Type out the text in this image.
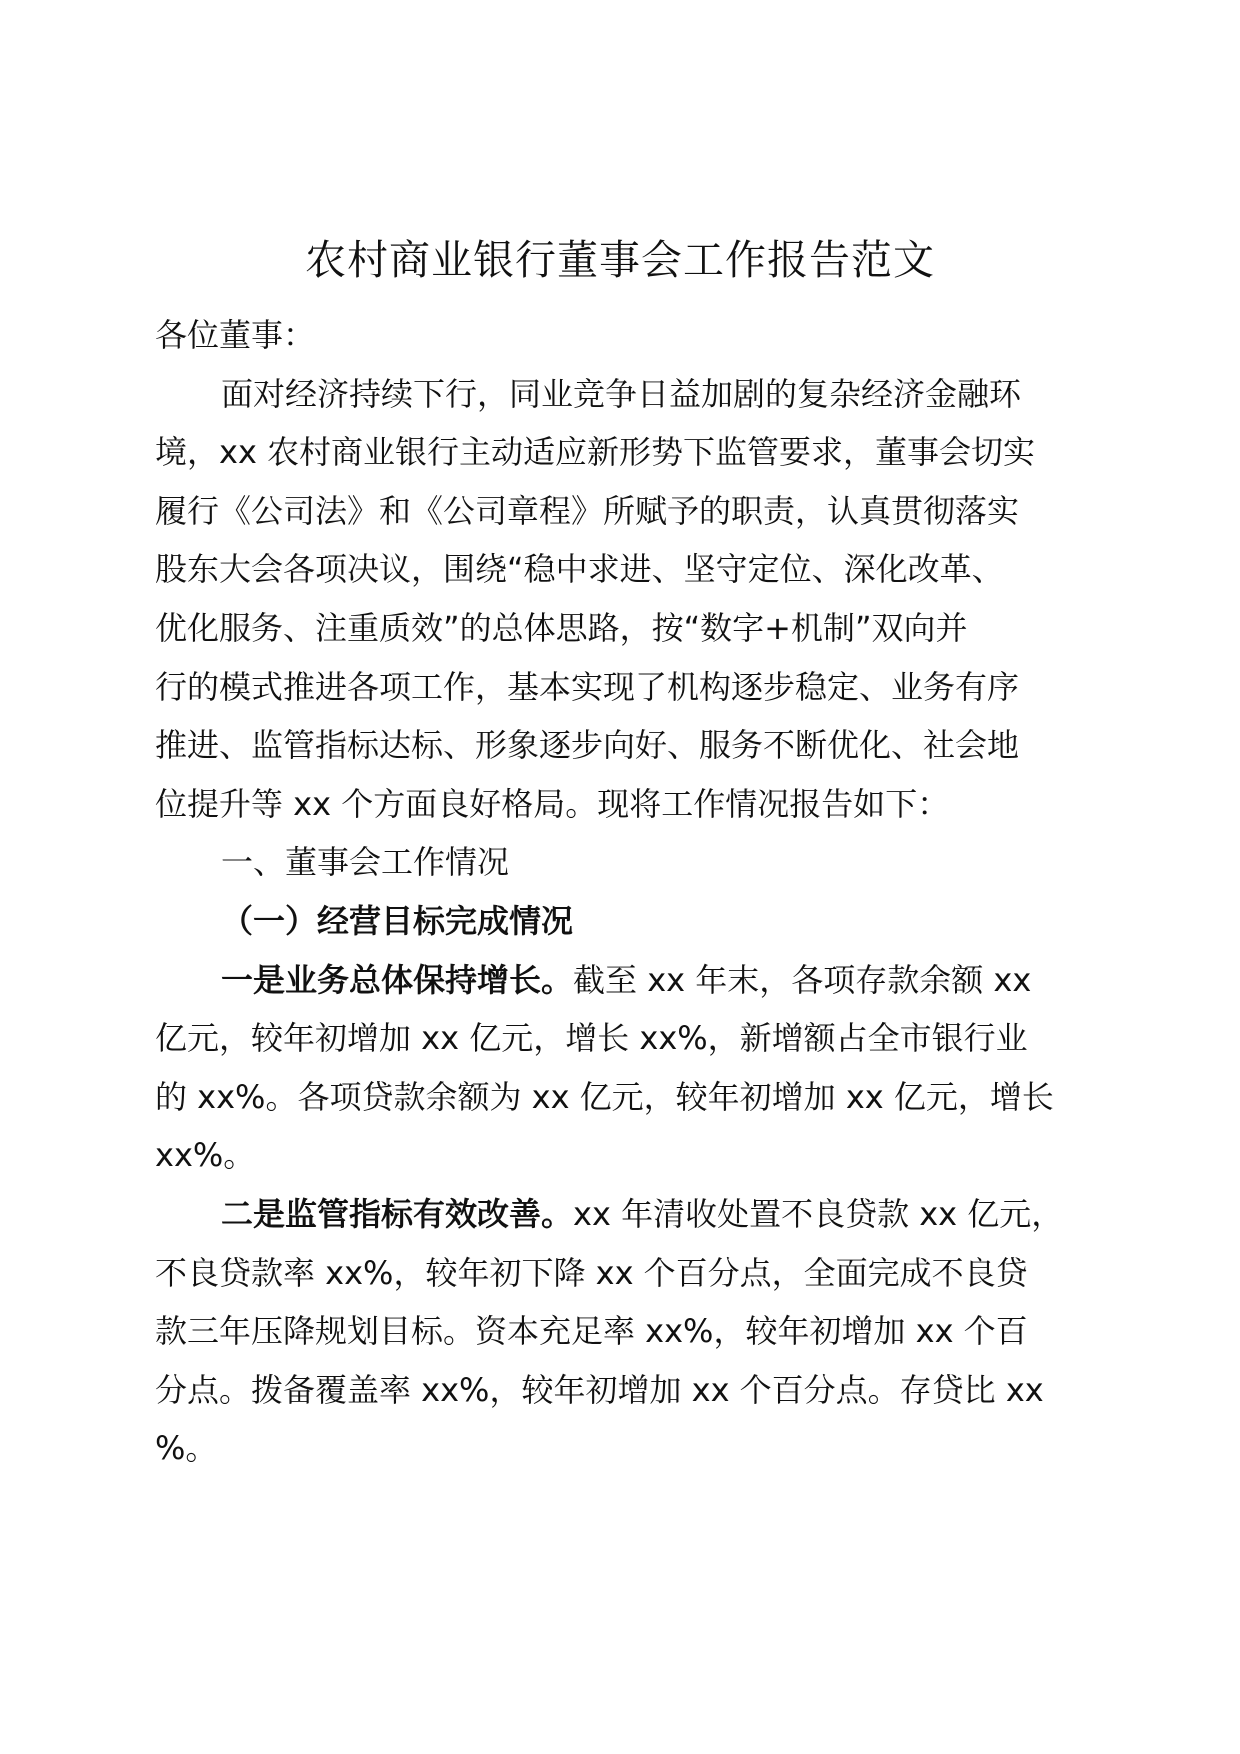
农村商业银行董事会工作报告范文

各位董事：

面对经济持续下行，同业竞争日益加剧的复杂经济金融环

境，xx 农村商业银行主动适应新形势下监管要求，董事会切实

履行《公司法》和《公司章程》所赋予的职责，认真贯彻落实

股东大会各项决议，围绕“稳中求进、坚守定位、深化改革、

优化服务、注重质效”的总体思路，按“数字+机制”双向并

行的模式推进各项工作，基本实现了机构逐步稳定、业务有序

推进、监管指标达标、形象逐步向好、服务不断优化、社会地

位提升等 xx 个方面良好格局。现将工作情况报告如下：

一、董事会工作情况

（一）经营目标完成情况

一是业务总体保持增长。截至 xx 年末，各项存款余额 xx

亿元，较年初增加 xx 亿元，增长 xx%，新增额占全市银行业

的 xx%。各项贷款余额为 xx 亿元，较年初增加 xx 亿元，增长

xx%。

二是监管指标有效改善。xx 年清收处置不良贷款 xx 亿元，

不良贷款率 xx%，较年初下降 xx 个百分点，全面完成不良贷

款三年压降规划目标。资本充足率 xx%，较年初增加 xx 个百

分点。拨备覆盖率 xx%，较年初增加 xx 个百分点。存贷比 xx

%。
